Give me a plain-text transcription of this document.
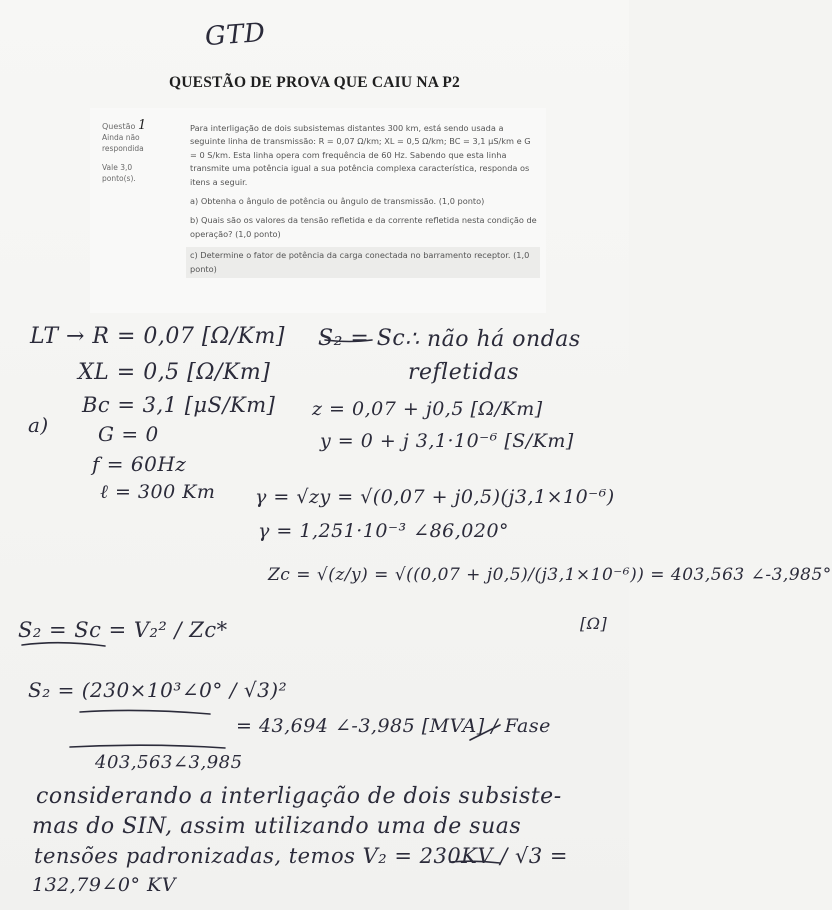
GTD
QUESTÃO DE PROVA QUE CAIU NA P2
Questão 1
Ainda não
respondida
Vale 3,0
ponto(s).
Para interligação de dois subsistemas distantes 300 km, está sendo usada a seguinte linha de transmissão: R = 0,07 Ω/km; XL = 0,5 Ω/km; BC = 3,1 μS/km e G = 0 S/km. Esta linha opera com frequência de 60 Hz. Sabendo que esta linha transmite uma potência igual a sua potência complexa característica, responda os itens a seguir.
a) Obtenha o ângulo de potência ou ângulo de transmissão. (1,0 ponto)
b) Quais são os valores da tensão refletida e da corrente refletida nesta condição de operação? (1,0 ponto)
c) Determine o fator de potência da carga conectada no barramento receptor. (1,0 ponto)
LT → R = 0,07 [Ω/Km] S₂ = Sc ∴ não há ondas
refletidas
XL = 0,5 [Ω/Km]
Bc = 3,1 [μS/Km] z = 0,07 + j0,5 [Ω/Km]
a) G = 0	y = 0 + j 3,1·10⁻⁶ [S/Km]
f = 60Hz
ℓ = 300 Km γ = √zy = √(0,07 + j0,5)(j3,1×10⁻⁶)
γ = 1,251·10⁻³ ∠86,020°
Zc = √(z/y) = √((0,07 + j0,5)/(j3,1×10⁻⁶)) = 403,563 ∠-3,985°
[Ω]
S₂ = Sc = V₂² / Zc*
S₂ = (230×10³∠0° / √3)²
= 43,694 ∠-3,985 [MVA] / Fase
403,563∠3,985
considerando a interligação de dois subsiste-
mas do SIN, assim utilizando uma de suas
tensões padronizadas, temos V₂ = 230KV / √3 =
132,79∠0° KV
